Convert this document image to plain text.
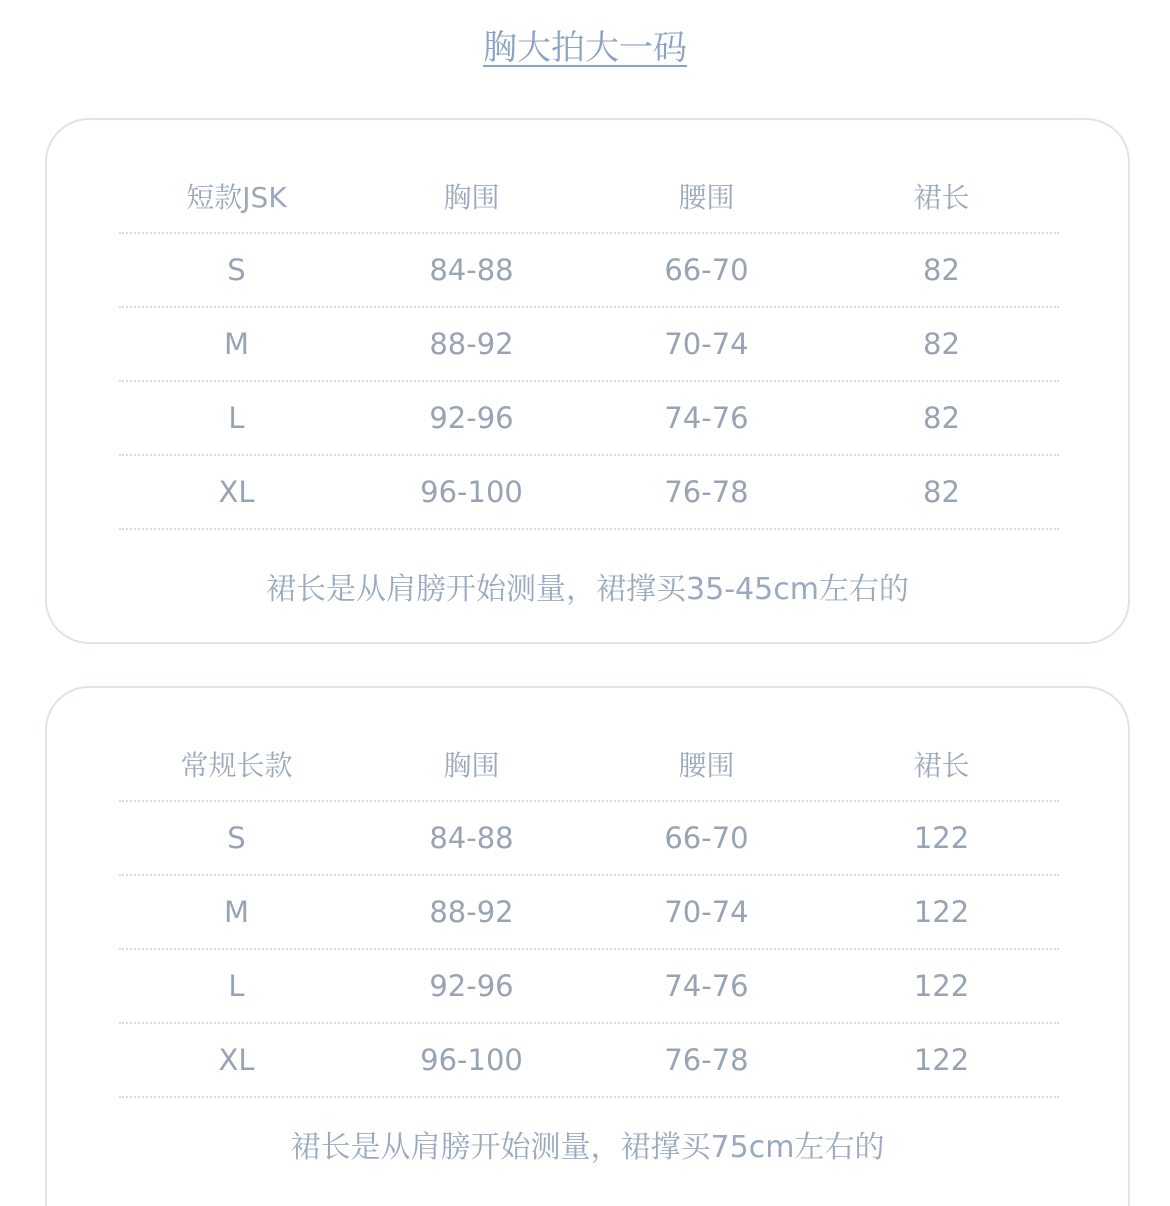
胸大拍大一码
短款JSK	胸围	腰围	裙长
S	84-88	66-70	82
M	88-92	70-74	82
L	92-96	74-76	82
XL	96-100	76-78	82
裙长是从肩膀开始测量，裙撑买35-45cm左右的
常规长款	胸围	腰围	裙长
S	84-88	66-70	122
M	88-92	70-74	122
L	92-96	74-76	122
XL	96-100	76-78	122
裙长是从肩膀开始测量，裙撑买75cm左右的
